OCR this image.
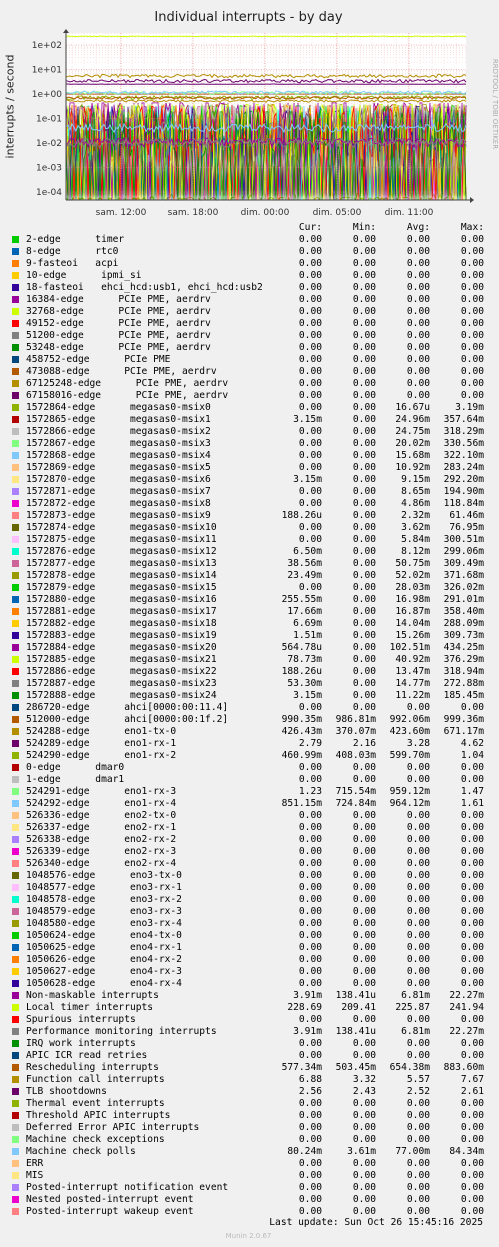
Individual interrupts - by day
interrupts / second	RRDTOOL / TOBI OETIKER
1e+02
1e+01
1e+00
1e-01
1e-02
1e-03
1e-04
sam. 12:00 sam. 18:00 dim. 00:00	dim. 05:00	dim. 11:00
Cur:	Min:	Avg:	Max:
2-edge      timer	0.00	0.00	0.00	0.00
8-edge      rtc0	0.00	0.00	0.00	0.00
9-fasteoi   acpi	0.00	0.00	0.00	0.00
10-edge      ipmi_si	0.00	0.00	0.00	0.00
18-fasteoi   ehci_hcd:usb1, ehci_hcd:usb2	0.00	0.00	0.00	0.00
16384-edge      PCIe PME, aerdrv	0.00	0.00	0.00	0.00
32768-edge      PCIe PME, aerdrv	0.00	0.00	0.00	0.00
49152-edge      PCIe PME, aerdrv	0.00	0.00	0.00	0.00
51200-edge      PCIe PME, aerdrv	0.00	0.00	0.00	0.00
53248-edge      PCIe PME, aerdrv	0.00	0.00	0.00	0.00
458752-edge      PCIe PME	0.00	0.00	0.00	0.00
473088-edge      PCIe PME, aerdrv	0.00	0.00	0.00	0.00
67125248-edge      PCIe PME, aerdrv	0.00	0.00	0.00	0.00
67158016-edge      PCIe PME, aerdrv	0.00	0.00	0.00	0.00
1572864-edge      megasas0-msix0	0.00	0.00	16.67u	3.19m
1572865-edge      megasas0-msix1	3.15m	0.00	24.96m	357.64m
1572866-edge      megasas0-msix2	0.00	0.00	24.75m	318.29m
1572867-edge      megasas0-msix3	0.00	0.00	20.02m	330.56m
1572868-edge      megasas0-msix4	0.00	0.00	15.68m	322.10m
1572869-edge      megasas0-msix5	0.00	0.00	10.92m	283.24m
1572870-edge      megasas0-msix6	3.15m	0.00	9.15m	292.20m
1572871-edge      megasas0-msix7	0.00	0.00	8.65m	194.90m
1572872-edge      megasas0-msix8	0.00	0.00	4.86m	118.84m
1572873-edge      megasas0-msix9	188.26u	0.00	2.32m	61.46m
1572874-edge      megasas0-msix10	0.00	0.00	3.62m	76.95m
1572875-edge      megasas0-msix11	0.00	0.00	5.84m	300.51m
1572876-edge      megasas0-msix12	6.50m	0.00	8.12m	299.06m
1572877-edge      megasas0-msix13	38.56m	0.00	50.75m	309.49m
1572878-edge      megasas0-msix14	23.49m	0.00	52.02m	371.68m
1572879-edge      megasas0-msix15	0.00	0.00	28.03m	326.02m
1572880-edge      megasas0-msix16	255.55m	0.00	16.98m	291.01m
1572881-edge      megasas0-msix17	17.66m	0.00	16.87m	358.40m
1572882-edge      megasas0-msix18	6.69m	0.00	14.04m	288.09m
1572883-edge      megasas0-msix19	1.51m	0.00	15.26m	309.73m
1572884-edge      megasas0-msix20	564.78u	0.00	102.51m	434.25m
1572885-edge      megasas0-msix21	78.73m	0.00	40.92m	376.29m
1572886-edge      megasas0-msix22	188.26u	0.00	13.47m	318.94m
1572887-edge      megasas0-msix23	53.30m	0.00	14.77m	272.88m
1572888-edge      megasas0-msix24	3.15m	0.00	11.22m	185.45m
286720-edge      ahci[0000:00:11.4]	0.00	0.00	0.00	0.00
512000-edge      ahci[0000:00:1f.2]	990.35m	986.81m	992.06m	999.36m
524288-edge      eno1-tx-0	426.43m	370.07m	423.60m	671.17m
524289-edge      eno1-rx-1	2.79	2.16	3.28	4.62
524290-edge      eno1-rx-2	460.99m	408.03m	599.70m	1.04
0-edge      dmar0	0.00	0.00	0.00	0.00
1-edge      dmar1	0.00	0.00	0.00	0.00
524291-edge      eno1-rx-3	1.23	715.54m	959.12m	1.47
524292-edge      eno1-rx-4	851.15m	724.84m	964.12m	1.61
526336-edge      eno2-tx-0	0.00	0.00	0.00	0.00
526337-edge      eno2-rx-1	0.00	0.00	0.00	0.00
526338-edge      eno2-rx-2	0.00	0.00	0.00	0.00
526339-edge      eno2-rx-3	0.00	0.00	0.00	0.00
526340-edge      eno2-rx-4	0.00	0.00	0.00	0.00
1048576-edge      eno3-tx-0	0.00	0.00	0.00	0.00
1048577-edge      eno3-rx-1	0.00	0.00	0.00	0.00
1048578-edge      eno3-rx-2	0.00	0.00	0.00	0.00
1048579-edge      eno3-rx-3	0.00	0.00	0.00	0.00
1048580-edge      eno3-rx-4	0.00	0.00	0.00	0.00
1050624-edge      eno4-tx-0	0.00	0.00	0.00	0.00
1050625-edge      eno4-rx-1	0.00	0.00	0.00	0.00
1050626-edge      eno4-rx-2	0.00	0.00	0.00	0.00
1050627-edge      eno4-rx-3	0.00	0.00	0.00	0.00
1050628-edge      eno4-rx-4	0.00	0.00	0.00	0.00
Non-maskable interrupts	3.91m	138.41u	6.81m	22.27m
Local timer interrupts	228.69	209.41	225.87	241.94
Spurious interrupts	0.00	0.00	0.00	0.00
Performance monitoring interrupts	3.91m	138.41u	6.81m	22.27m
IRQ work interrupts	0.00	0.00	0.00	0.00
APIC ICR read retries	0.00	0.00	0.00	0.00
Rescheduling interrupts	577.34m	503.45m	654.38m	883.60m
Function call interrupts	6.88	3.32	5.57	7.67
TLB shootdowns	2.56	2.43	2.52	2.61
Thermal event interrupts	0.00	0.00	0.00	0.00
Threshold APIC interrupts	0.00	0.00	0.00	0.00
Deferred Error APIC interrupts	0.00	0.00	0.00	0.00
Machine check exceptions	0.00	0.00	0.00	0.00
Machine check polls	80.24m	3.61m	77.00m	84.34m
ERR	0.00	0.00	0.00	0.00
MIS	0.00	0.00	0.00	0.00
Posted-interrupt notification event	0.00	0.00	0.00	0.00
Nested posted-interrupt event	0.00	0.00	0.00	0.00
Posted-interrupt wakeup event	0.00	0.00	0.00	0.00
Last update: Sun Oct 26 15:45:16 2025
Munin 2.0.67
